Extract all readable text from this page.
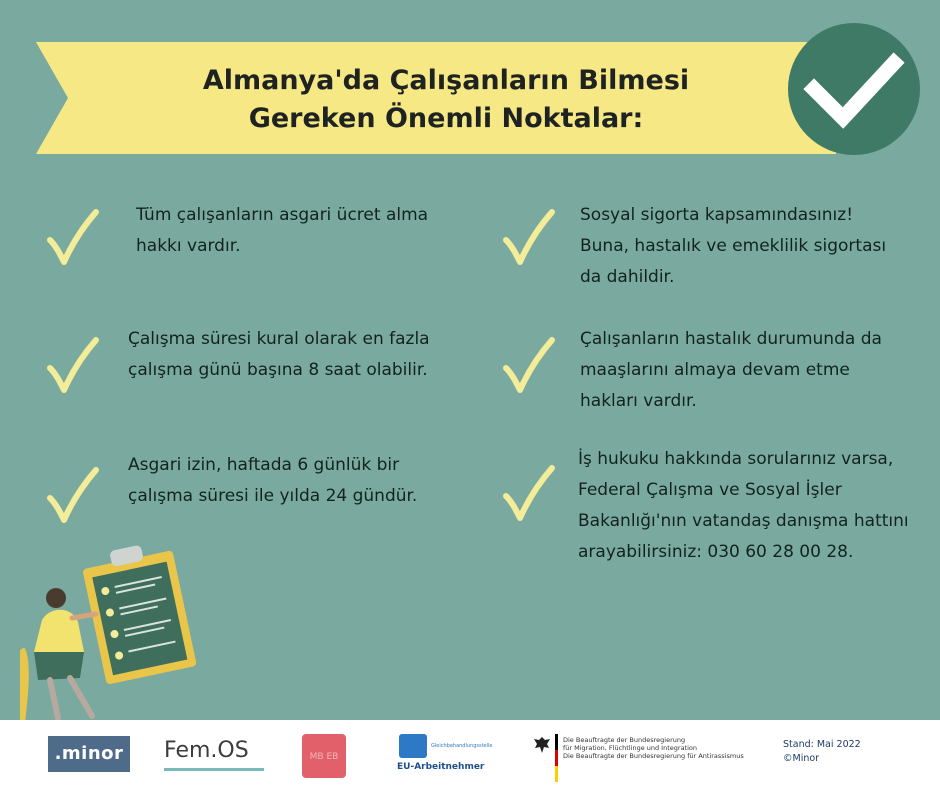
Almanya'da Çalışanların Bilmesi
Gereken Önemli Noktalar:

Tüm çalışanların asgari ücret alma hakkı vardır.

Çalışma süresi kural olarak en fazla çalışma günü başına 8 saat olabilir.

Asgari izin, haftada 6 günlük bir çalışma süresi ile yılda 24 gündür.

Sosyal sigorta kapsamındasınız! Buna, hastalık ve emeklilik sigortası da dahildir.

Çalışanların hastalık durumunda da maaşlarını almaya devam etme hakları vardır.

İş hukuku hakkında sorularınız varsa, Federal Çalışma ve Sosyal İşler Bakanlığı'nın vatandaş danışma hattını arayabilirsiniz: 030 60 28 00 28.

.minor Fem.OS	MB EB
Gleichbehandlungsstelle
EU-Arbeitnehmer
Die Beauftragte der Bundesregierung
für Migration, Flüchtlinge und Integration
Die Beauftragte der Bundesregierung für Antirassismus
Stand: Mai 2022
©Minor
